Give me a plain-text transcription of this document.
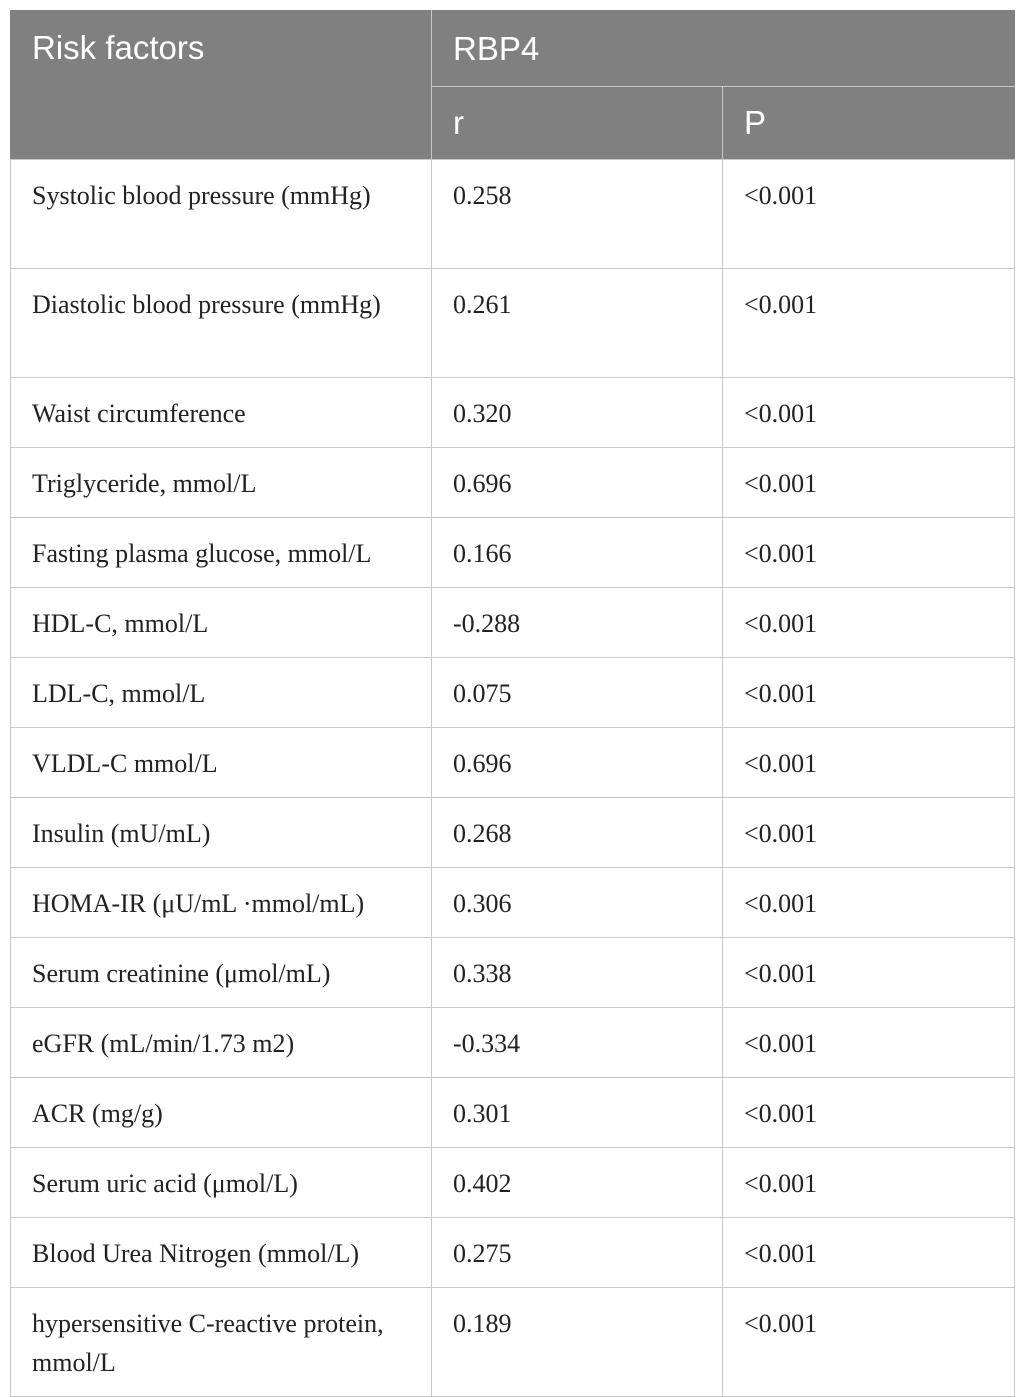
Risk factors	RBP4	
	r	P
Systolic blood pressure (mmHg)	0.258	<0.001
Diastolic blood pressure (mmHg)	0.261	<0.001
Waist circumference	0.320	<0.001
Triglyceride, mmol/L	0.696	<0.001
Fasting plasma glucose, mmol/L	0.166	<0.001
HDL-C, mmol/L	-0.288	<0.001
LDL-C, mmol/L	0.075	<0.001
VLDL-C mmol/L	0.696	<0.001
Insulin (mU/mL)	0.268	<0.001
HOMA-IR (μU/mL ·mmol/mL)	0.306	<0.001
Serum creatinine (μmol/mL)	0.338	<0.001
eGFR (mL/min/1.73 m2)	-0.334	<0.001
ACR (mg/g)	0.301	<0.001
Serum uric acid (μmol/L)	0.402	<0.001
Blood Urea Nitrogen (mmol/L)	0.275	<0.001
hypersensitive C-reactive protein, mmol/L	0.189	<0.001
